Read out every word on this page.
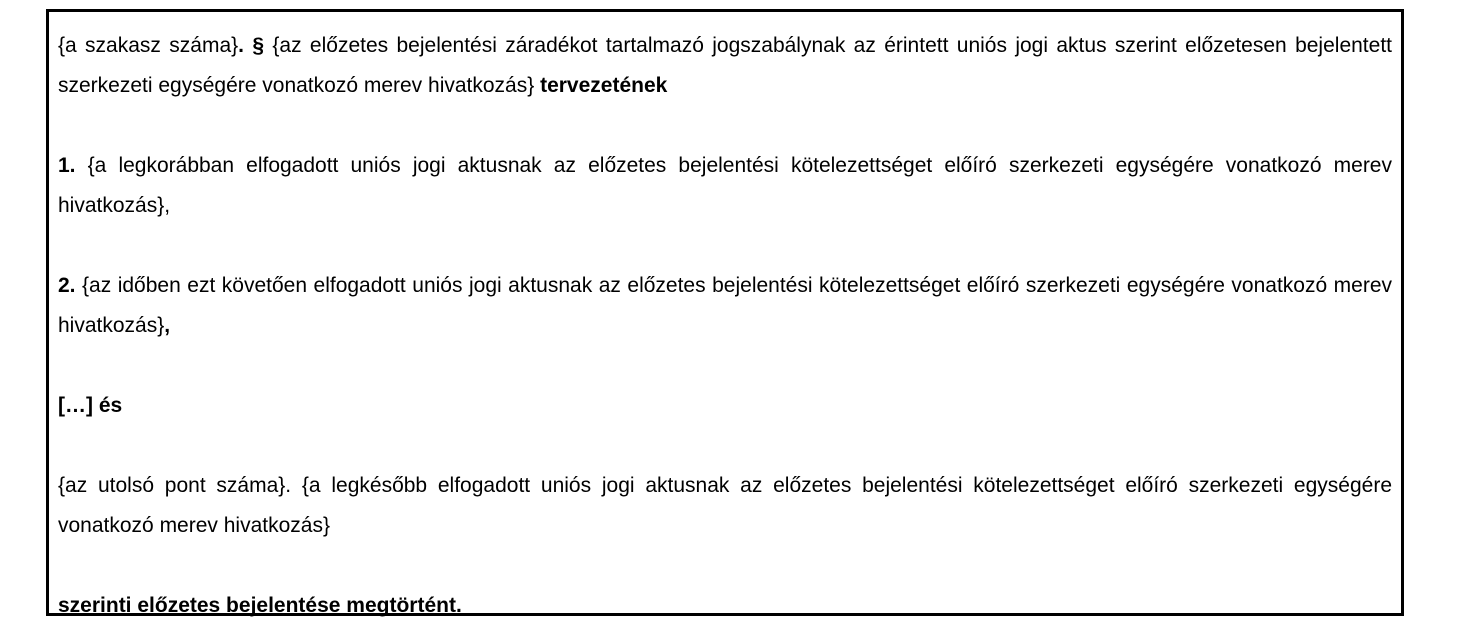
{a szakasz száma}. § {az előzetes bejelentési záradékot tartalmazó jogszabálynak az érintett uniós jogi aktus szerint előzetesen bejelentett szerkezeti egységére vonatkozó merev hivatkozás} tervezetének

1. {a legkorábban elfogadott uniós jogi aktusnak az előzetes bejelentési kötelezettséget előíró szerkezeti egységére vonatkozó merev hivatkozás},

2. {az időben ezt követően elfogadott uniós jogi aktusnak az előzetes bejelentési kötelezettséget előíró szerkezeti egységére vonatkozó merev hivatkozás},

[…] és

{az utolsó pont száma}. {a legkésőbb elfogadott uniós jogi aktusnak az előzetes bejelentési kötelezettséget előíró szerkezeti egységére vonatkozó merev hivatkozás}

szerinti előzetes bejelentése megtörtént.
